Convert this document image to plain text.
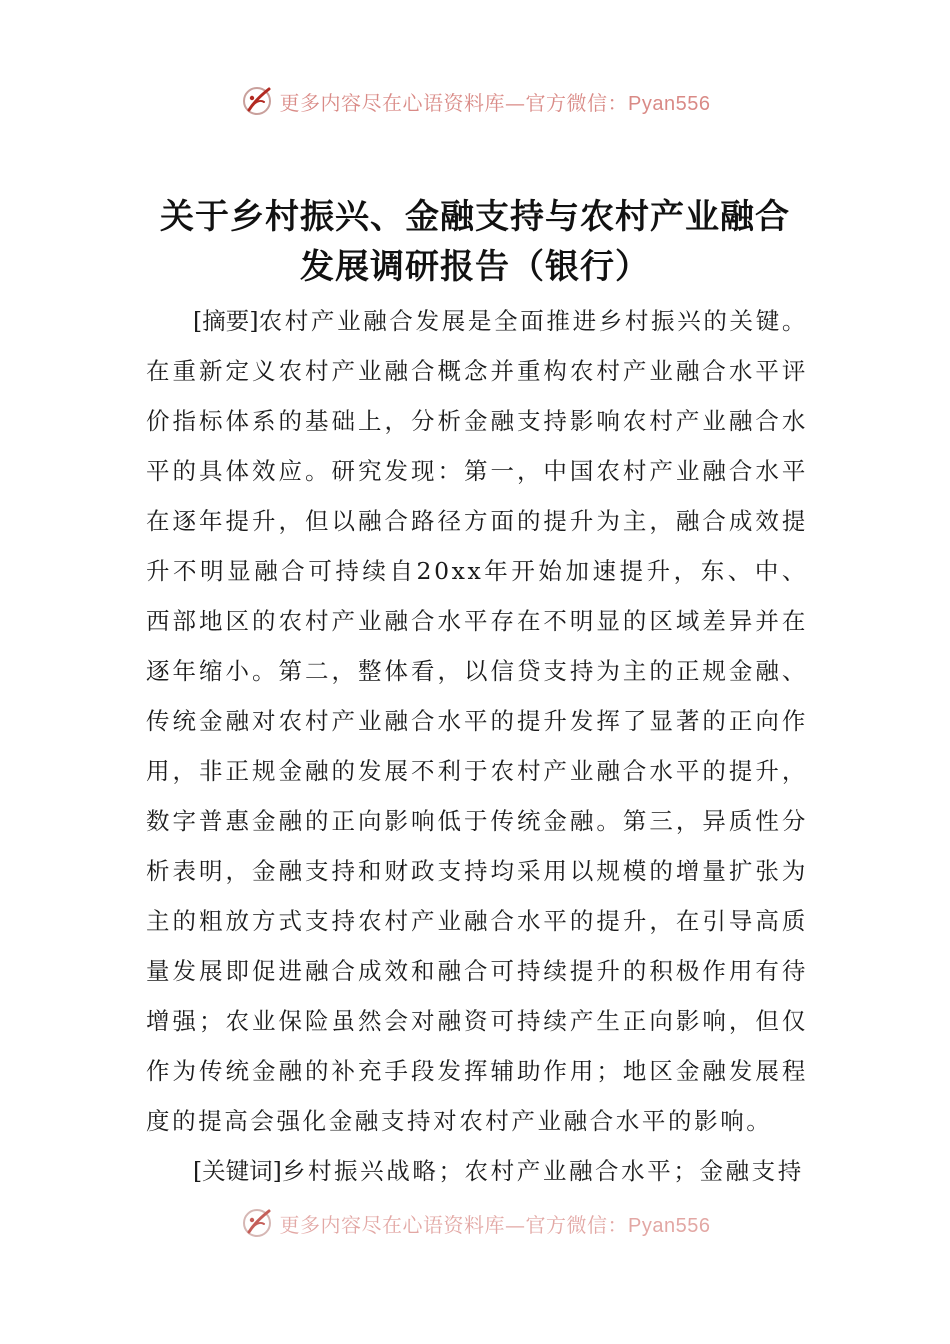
更多内容尽在心语资料库—官方微信：Pyan556
关于乡村振兴、金融支持与农村产业融合
发展调研报告（银行）

[摘要]农村产业融合发展是全面推进乡村振兴的关键。在重新定义农村产业融合概念并重构农村产业融合水平评价指标体系的基础上，分析金融支持影响农村产业融合水平的具体效应。研究发现：第一，中国农村产业融合水平在逐年提升，但以融合路径方面的提升为主，融合成效提升不明显融合可持续自20xx年开始加速提升，东、中、西部地区的农村产业融合水平存在不明显的区域差异并在逐年缩小。第二，整体看，以信贷支持为主的正规金融、传统金融对农村产业融合水平的提升发挥了显著的正向作用，非正规金融的发展不利于农村产业融合水平的提升，数字普惠金融的正向影响低于传统金融。第三，异质性分析表明，金融支持和财政支持均采用以规模的增量扩张为主的粗放方式支持农村产业融合水平的提升，在引导高质量发展即促进融合成效和融合可持续提升的积极作用有待增强；农业保险虽然会对融资可持续产生正向影响，但仅作为传统金融的补充手段发挥辅助作用；地区金融发展程度的提高会强化金融支持对农村产业融合水平的影响。

[关键词]乡村振兴战略；农村产业融合水平；金融支持

更多内容尽在心语资料库—官方微信：Pyan556
